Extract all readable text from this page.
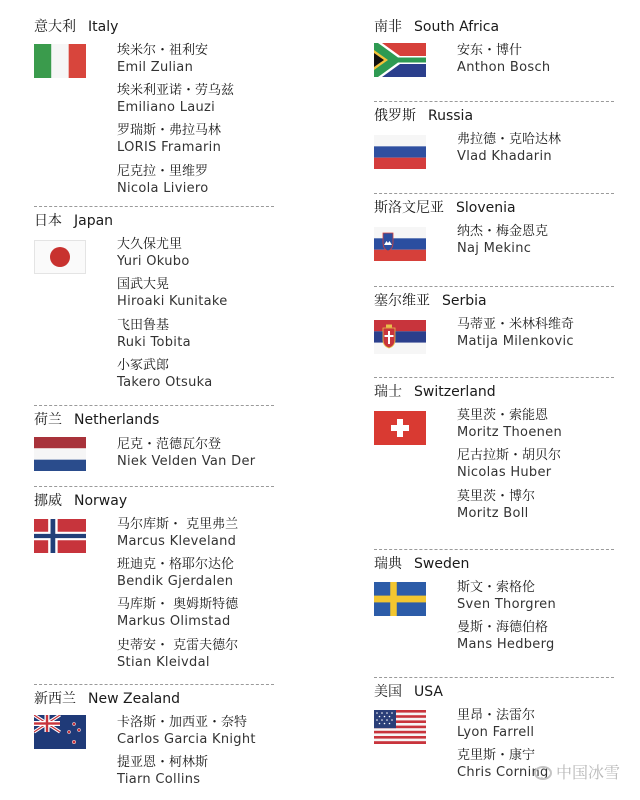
意大利 Italy
埃米尔・祖利安
Emil Zulian
埃米利亚诺・劳乌兹
Emiliano Lauzi
罗瑞斯・弗拉马林
LORIS Framarin
尼克拉・里维罗
Nicola Liviero
日本 Japan
大久保尤里
Yuri Okubo
国武大晃
Hiroaki Kunitake
飞田鲁基
Ruki Tobita
小冢武郎
Takero Otsuka
荷兰 Netherlands
尼克・范德瓦尔登
Niek Velden Van Der
挪威 Norway
马尔库斯・ 克里弗兰
Marcus Kleveland
班迪克・格耶尔达伦
Bendik Gjerdalen
马库斯・ 奥姆斯特德
Markus Olimstad
史蒂安・ 克雷夫德尔
Stian Kleivdal
新西兰 New Zealand
卡洛斯・加西亚・奈特
Carlos Garcia Knight
提亚恩・柯林斯
Tiarn Collins
南非 South Africa
安东・博什
Anthon Bosch
俄罗斯 Russia
弗拉德・克哈达林
Vlad Khadarin
斯洛文尼亚 Slovenia
纳杰・梅金恩克
Naj Mekinc
塞尔维亚 Serbia
马蒂亚・米林科维奇
Matija Milenkovic
瑞士 Switzerland
莫里茨・索能恩
Moritz Thoenen
尼古拉斯・胡贝尔
Nicolas Huber
莫里茨・博尔
Moritz Boll
瑞典 Sweden
斯文・索格伦
Sven Thorgren
曼斯・海德伯格
Mans Hedberg
美国 USA
里昂・法雷尔
Lyon Farrell
克里斯・康宁
Chris Corning 中国冰雪
